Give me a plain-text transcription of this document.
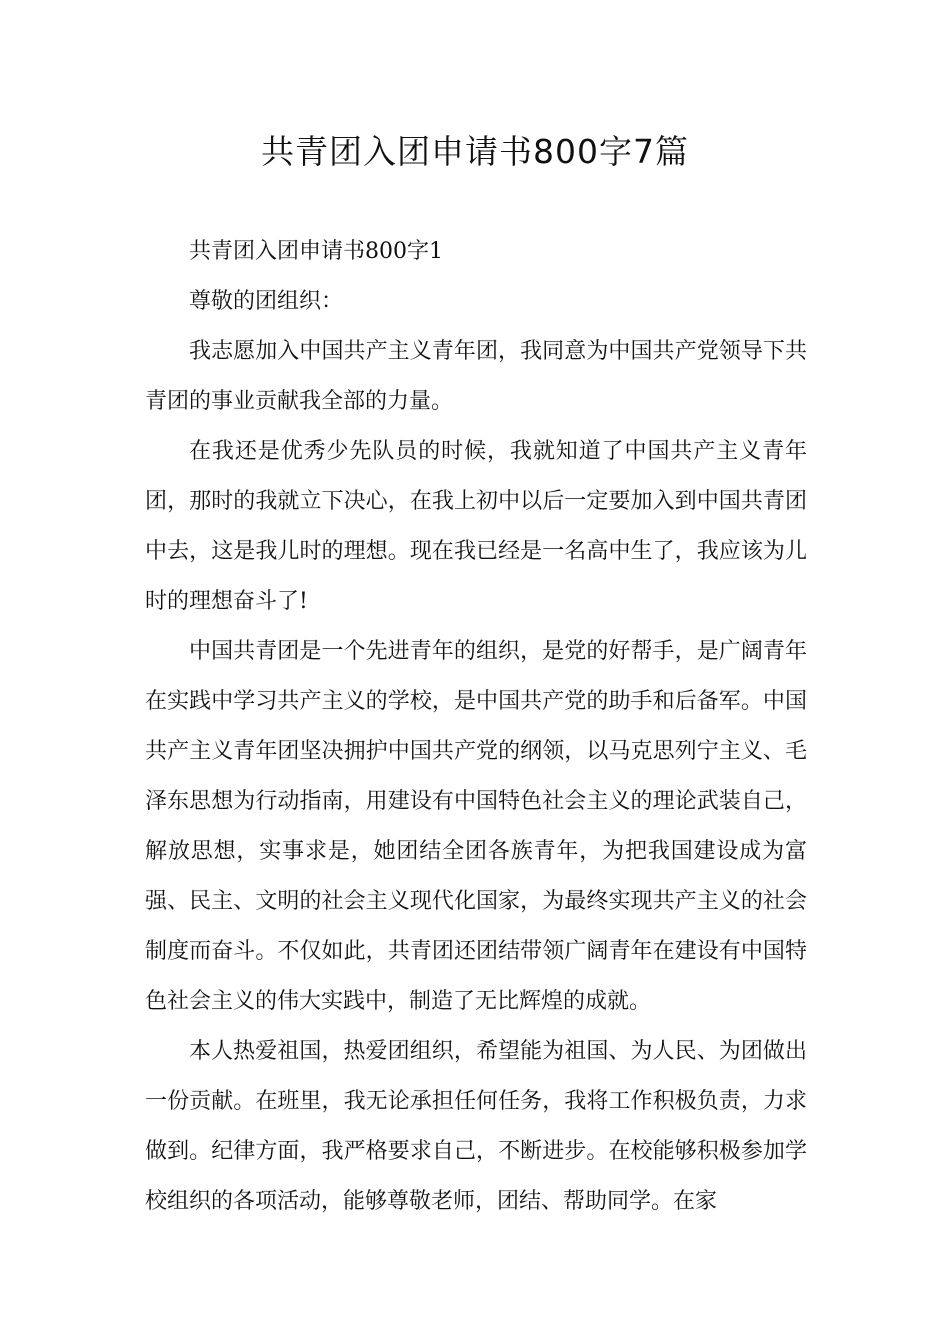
共青团入团申请书800字7篇

共青团入团申请书800字1

尊敬的团组织：

我志愿加入中国共产主义青年团，我同意为中国共产党领导下共青团的事业贡献我全部的力量。

在我还是优秀少先队员的时候，我就知道了中国共产主义青年团，那时的我就立下决心，在我上初中以后一定要加入到中国共青团中去，这是我儿时的理想。现在我已经是一名高中生了，我应该为儿时的理想奋斗了!

中国共青团是一个先进青年的组织，是党的好帮手，是广阔青年在实践中学习共产主义的学校，是中国共产党的助手和后备军。中国共产主义青年团坚决拥护中国共产党的纲领，以马克思列宁主义、毛泽东思想为行动指南，用建设有中国特色社会主义的理论武装自己，解放思想，实事求是，她团结全团各族青年，为把我国建设成为富强、民主、文明的社会主义现代化国家，为最终实现共产主义的社会制度而奋斗。不仅如此，共青团还团结带领广阔青年在建设有中国特色社会主义的伟大实践中，制造了无比辉煌的成就。

本人热爱祖国，热爱团组织，希望能为祖国、为人民、为团做出一份贡献。在班里，我无论承担任何任务，我将工作积极负责，力求做到。纪律方面，我严格要求自己，不断进步。在校能够积极参加学校组织的各项活动，能够尊敬老师，团结、帮助同学。在家
